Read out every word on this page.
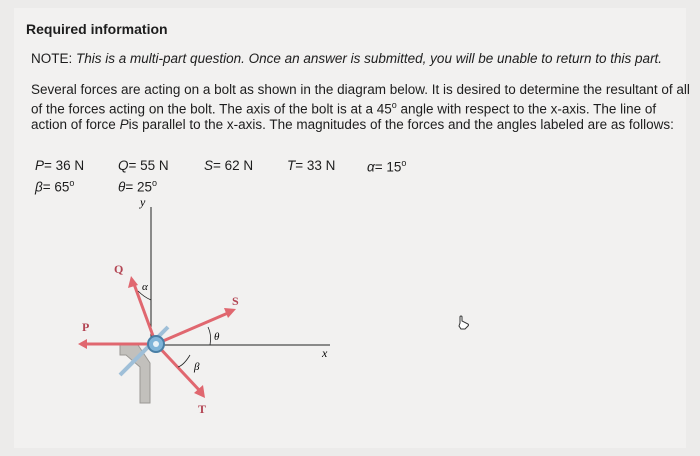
Required information
NOTE: This is a multi-part question. Once an answer is submitted, you will be unable to return to this part.
Several forces are acting on a bolt as shown in the diagram below. It is desired to determine the resultant of all of the forces acting on the bolt. The axis of the bolt is at a 45$^o$ angle with respect to the x-axis. The line of action of force Pis parallel to the x-axis. The magnitudes of the forces and the angles labeled are as follows:
P= 36 N	Q= 55 N	S= 62 N	T= 33 N $\alpha= 15^o$
$\beta= 65^o$	$\theta= 25^o$
y
x
α
θ
β
Q
P
S
T
